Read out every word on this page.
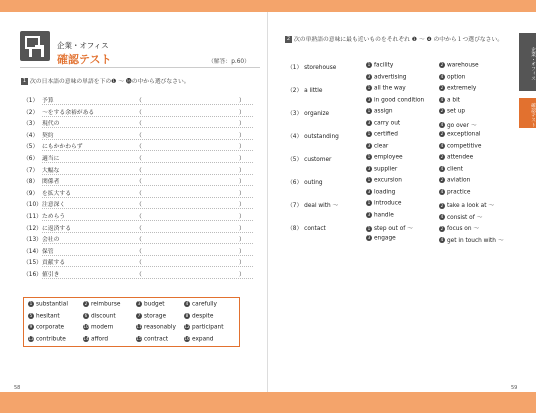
58	59
企業・オフィス
確認テスト	（解答：p.60）
1 次の日本語の意味の単語を下の❶ 〜 ⓰の中から選びなさい。
（1） 予算	（	）
（2） ～をする余裕がある	（	）
（3） 現代の	（	）
（4） 契約	（	）
（5） にもかかわらず	（	）
（6） 適当に	（	）
（7） 大幅な	（	）
（8） 関係者	（	）
（9） を拡大する	（	）
（10） 注意深く	（	）
（11） ためらう	（	）
（12） に返済する	（	）
（13） 会社の	（	）
（14） 保管	（	）
（15） 貢献する	（	）
（16） 値引き	（	）
1 substantial	2 reimburse	3 budget	4 carefully
5 hesitant	6 discount	7 storage	8 despite
9 corporate	10 modern	11 reasonably 12 participant
13 contribute	14 afford	15 contract	16 expand
2 次の単熟語の意味に最も近いものをそれぞれ ❶ 〜 ❹ の中から１つ選びなさい。
（1） storehouse
1 facility	2 warehouse
3 advertising	4 option
（2） a little
1 all the way	2 extremely
3 in good condition	4 a bit
（3） organize
1 assign	2 set up
3 carry out	4 go over ～
（4） outstanding
1 certified	2 exceptional
3 clear	4 competitive
（5） customer
1 employee	2 attendee
3 supplier	4 client
（6） outing
1 excursion	2 aviation
3 loading	4 practice
（7） deal with ～
1 introduce	2 take a look at ～
3 handle	4 consist of ～
（8） contact	1 step out of ～	2 focus on ～
3 engage	4 get in touch with ～
企業・オフィス
確認テスト
